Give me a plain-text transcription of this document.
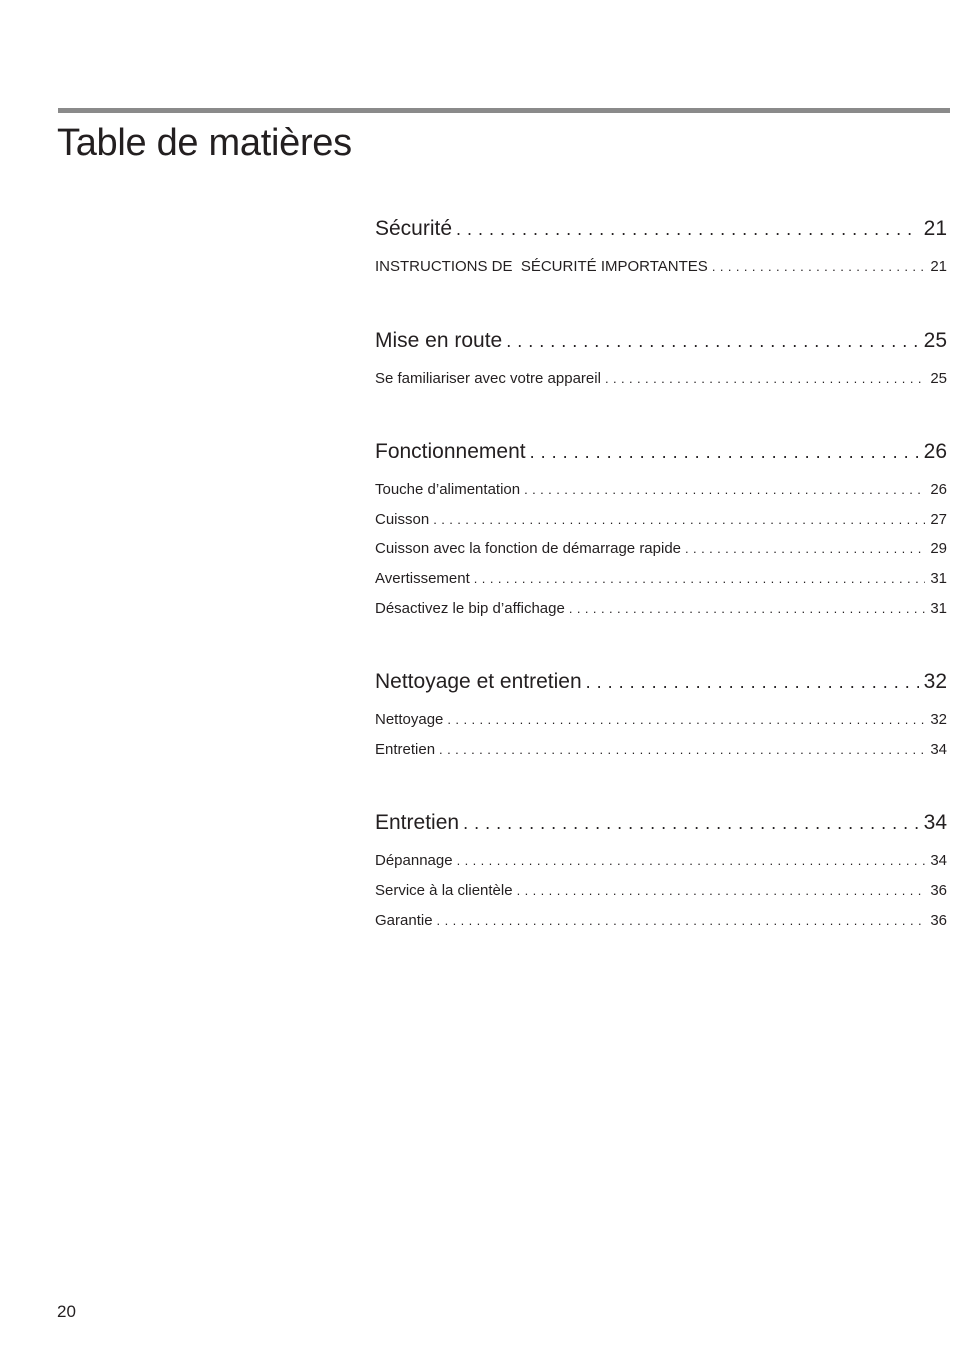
Table de matières
Sécurité . . .	21
INSTRUCTIONS DE  SÉCURITÉ IMPORTANTES . . .	21
Mise en route . . .	25
Se familiariser avec votre appareil . . .	25
Fonctionnement . . .	26
Touche d’alimentation . . .	26
Cuisson . . .	27
Cuisson avec la fonction de démarrage rapide . . .	29
Avertissement . . .	31
Désactivez le bip d’affichage . . .	31
Nettoyage et entretien . . .	32
Nettoyage . . .	32
Entretien . . .	34
Entretien . . .	34
Dépannage . . .	34
Service à la clientèle . . .	36
Garantie . . .	36
20
